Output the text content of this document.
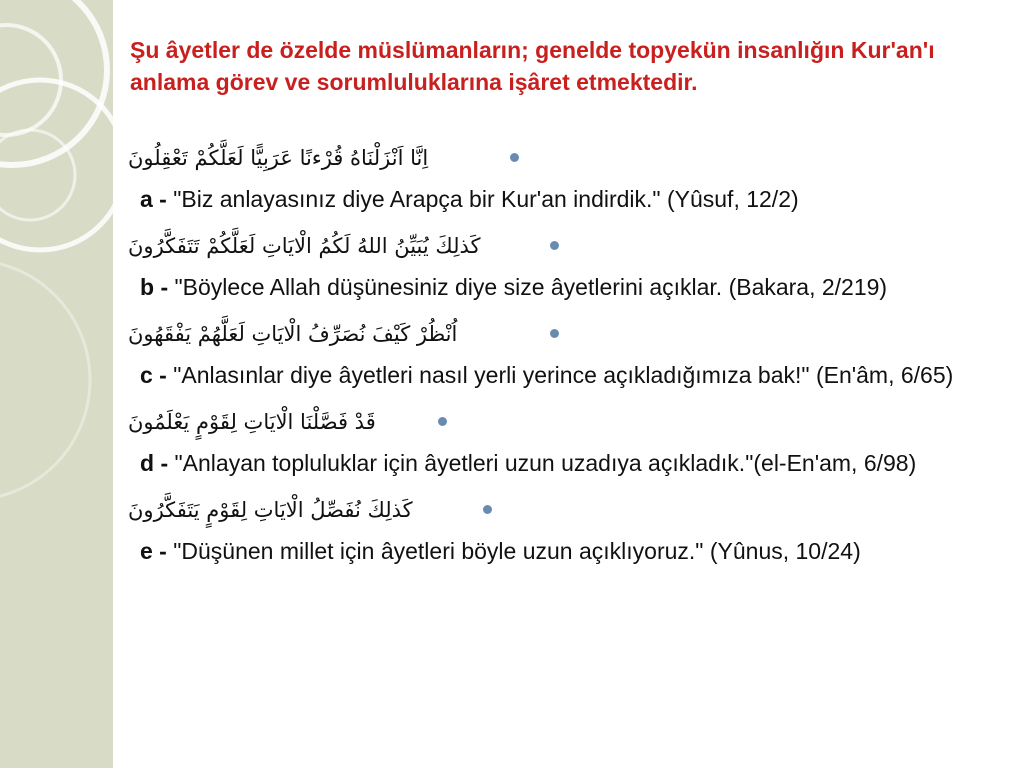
Şu âyetler de özelde müslümanların; genelde topyekün insanlığın Kur'an'ı anlama görev ve sorumluluklarına işâret etmektedir.
اِنَّا اَنْزَلْنَاهُ قُرْءنًا عَرَبِيًّا لَعَلَّكُمْ تَعْقِلُونَ
a - "Biz anlayasınız diye Arapça bir Kur'an indirdik." (Yûsuf, 12/2)
كَذلِكَ يُبَيِّنُ اللهُ لَكُمُ الْايَاتِ لَعَلَّكُمْ تَتَفَكَّرُونَ
b - "Böylece Allah düşünesiniz diye size âyetlerini açıklar. (Bakara, 2/219)
اُنْظُرْ كَيْفَ نُصَرِّفُ الْايَاتِ لَعَلَّهُمْ يَفْقَهُونَ
c - "Anlasınlar diye âyetleri nasıl yerli yerince açıkladığımıza bak!" (En'âm, 6/65)
قَدْ فَصَّلْنَا الْايَاتِ لِقَوْمٍ يَعْلَمُونَ
d - "Anlayan topluluklar için âyetleri uzun uzadıya açıkladık."(el-En'am, 6/98)
كَذلِكَ نُفَصِّلُ الْايَاتِ لِقَوْمٍ يَتَفَكَّرُونَ
e - "Düşünen millet için âyetleri böyle uzun açıklıyoruz." (Yûnus, 10/24)
